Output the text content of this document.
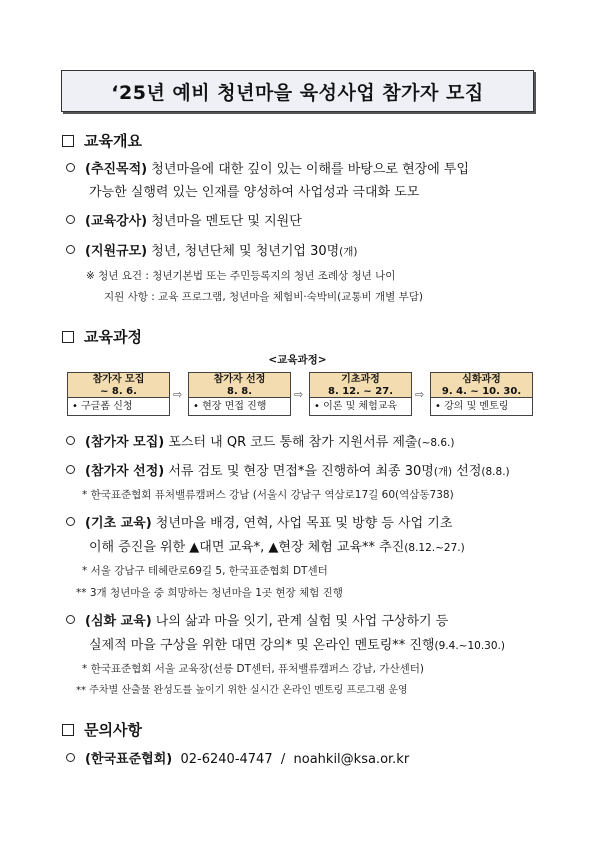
‘25년 예비 청년마을 육성사업 참가자 모집
교육개요
(추진목적) 청년마을에 대한 깊이 있는 이해를 바탕으로 현장에 투입
가능한 실행력 있는 인재를 양성하여 사업성과 극대화 도모
(교육강사) 청년마을 멘토단 및 지원단
(지원규모) 청년, 청년단체 및 청년기업 30명(개)
※ 청년 요건 : 청년기본법 또는 주민등록지의 청년 조례상 청년 나이
지원 사항 : 교육 프로그램, 청년마을 체험비·숙박비(교통비 개별 부담)
교육과정
<교육과정>
참가자 모집
~ 8. 6.
• 구글폼 신청
⇨
참가자 선정
8. 8.
• 현장 면접 진행
⇨
기초과정
8. 12. ~ 27.
• 이론 및 체험교육
⇨
심화과정
9. 4. ~ 10. 30.
• 강의 및 멘토링
(참가자 모집) 포스터 내 QR 코드 통해 참가 지원서류 제출(~8.6.)
(참가자 선정) 서류 검토 및 현장 면접*을 진행하여 최종 30명(개) 선정(8.8.)
* 한국표준협회 퓨처밸류캠퍼스 강남 (서울시 강남구 역삼로17길 60(역삼동738)
(기초 교육) 청년마을 배경, 연혁, 사업 목표 및 방향 등 사업 기초
이해 증진을 위한 ▲대면 교육*, ▲현장 체험 교육** 추진(8.12.~27.)
* 서울 강남구 테헤란로69길 5, 한국표준협회 DT센터
** 3개 청년마을 중 희망하는 청년마을 1곳 현장 체험 진행
(심화 교육) 나의 삶과 마을 잇기, 관계 실험 및 사업 구상하기 등
실제적 마을 구상을 위한 대면 강의* 및 온라인 멘토링** 진행(9.4.~10.30.)
* 한국표준협회 서울 교육장(선릉 DT센터, 퓨처밸류캠퍼스 강남, 가산센터)
** 주차별 산출물 완성도를 높이기 위한 실시간 온라인 멘토링 프로그램 운영
문의사항
(한국표준협회) 02-6240-4747 / noahkil@ksa.or.kr
